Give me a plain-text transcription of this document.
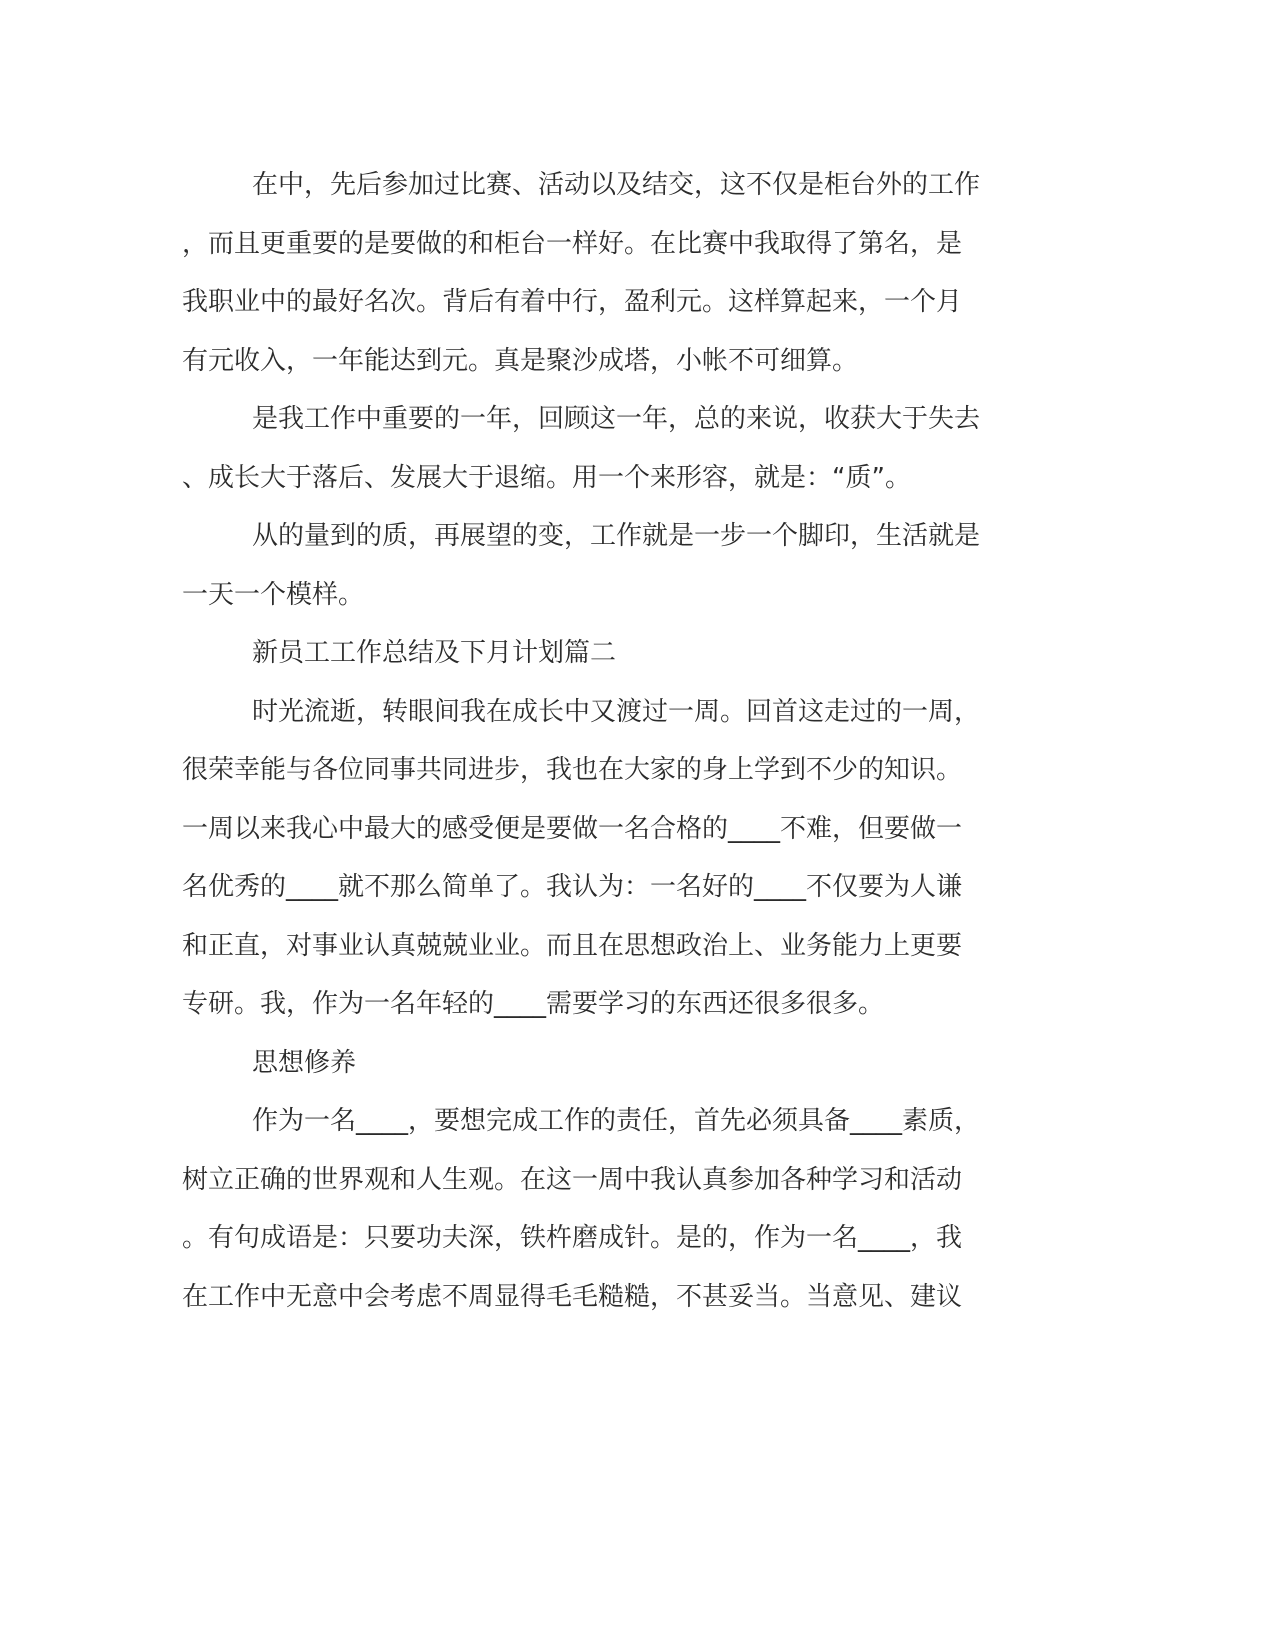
在中，先后参加过比赛、活动以及结交，这不仅是柜台外的工作
，而且更重要的是要做的和柜台一样好。在比赛中我取得了第名，是
我职业中的最好名次。背后有着中行，盈利元。这样算起来，一个月
有元收入，一年能达到元。真是聚沙成塔，小帐不可细算。
是我工作中重要的一年，回顾这一年，总的来说，收获大于失去
、成长大于落后、发展大于退缩。用一个来形容，就是：“质”。
从的量到的质，再展望的变，工作就是一步一个脚印，生活就是
一天一个模样。
新员工工作总结及下月计划篇二
时光流逝，转眼间我在成长中又渡过一周。回首这走过的一周，
很荣幸能与各位同事共同进步，我也在大家的身上学到不少的知识。
一周以来我心中最大的感受便是要做一名合格的____不难，但要做一
名优秀的____就不那么简单了。我认为：一名好的____不仅要为人谦
和正直，对事业认真兢兢业业。而且在思想政治上、业务能力上更要
专研。我，作为一名年轻的____需要学习的东西还很多很多。
思想修养
作为一名____，要想完成工作的责任，首先必须具备____素质，
树立正确的世界观和人生观。在这一周中我认真参加各种学习和活动
。有句成语是：只要功夫深，铁杵磨成针。是的，作为一名____，我
在工作中无意中会考虑不周显得毛毛糙糙，不甚妥当。当意见、建议
